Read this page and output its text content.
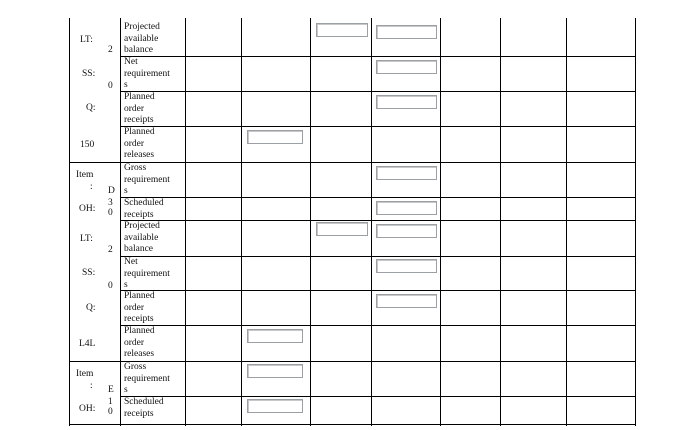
LT:
2
SS:
0
Q:
150
Projected
available
balance
Net
requirement
s
Planned
order
receipts
Planned
order
releases
Item
: D
OH:
3
0
LT:
2
SS:
0
Q:
L4L
Gross
requirement
s
Scheduled
receipts
Projected
available
balance
Net
requirement
s
Planned
order
receipts
Planned
order
releases
Item
: E
OH:
1
0
Gross
requirement
s
Scheduled
receipts
